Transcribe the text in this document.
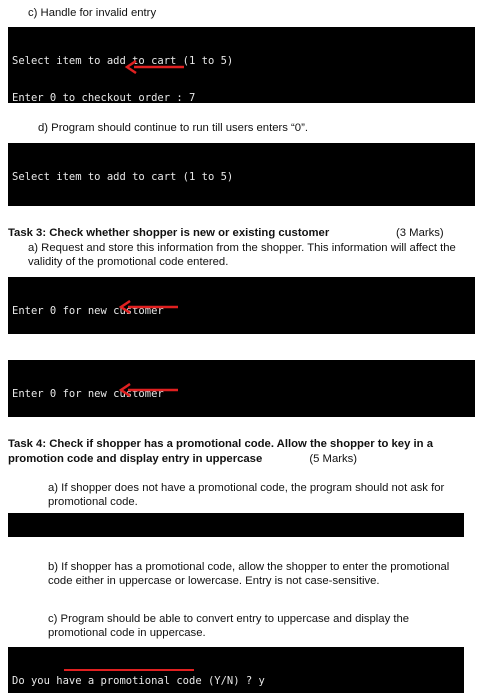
c) Handle for invalid entry

Select item to add to cart (1 to 5)

Enter 0 to checkout order : 7

d) Program should continue to run till users enters “0”.

Select item to add to cart (1 to 5)

Task 3: Check whether shopper is new or existing customer	(3 Marks)
a) Request and store this information from the shopper. This information will affect the validity of the promotional code entered.

Enter 0 for new customer

Enter 0 for new customer

Task 4: Check if shopper has a promotional code. Allow the shopper to key in a promotion code and display entry in uppercase	(5 Marks)
a) If shopper does not have a promotional code, the program should not ask for promotional code.

b) If shopper has a promotional code, allow the shopper to enter the promotional code either in uppercase or lowercase. Entry is not case-sensitive.
c) Program should be able to convert entry to uppercase and display the promotional code in uppercase.

Do you have a promotional code (Y/N) ? y
